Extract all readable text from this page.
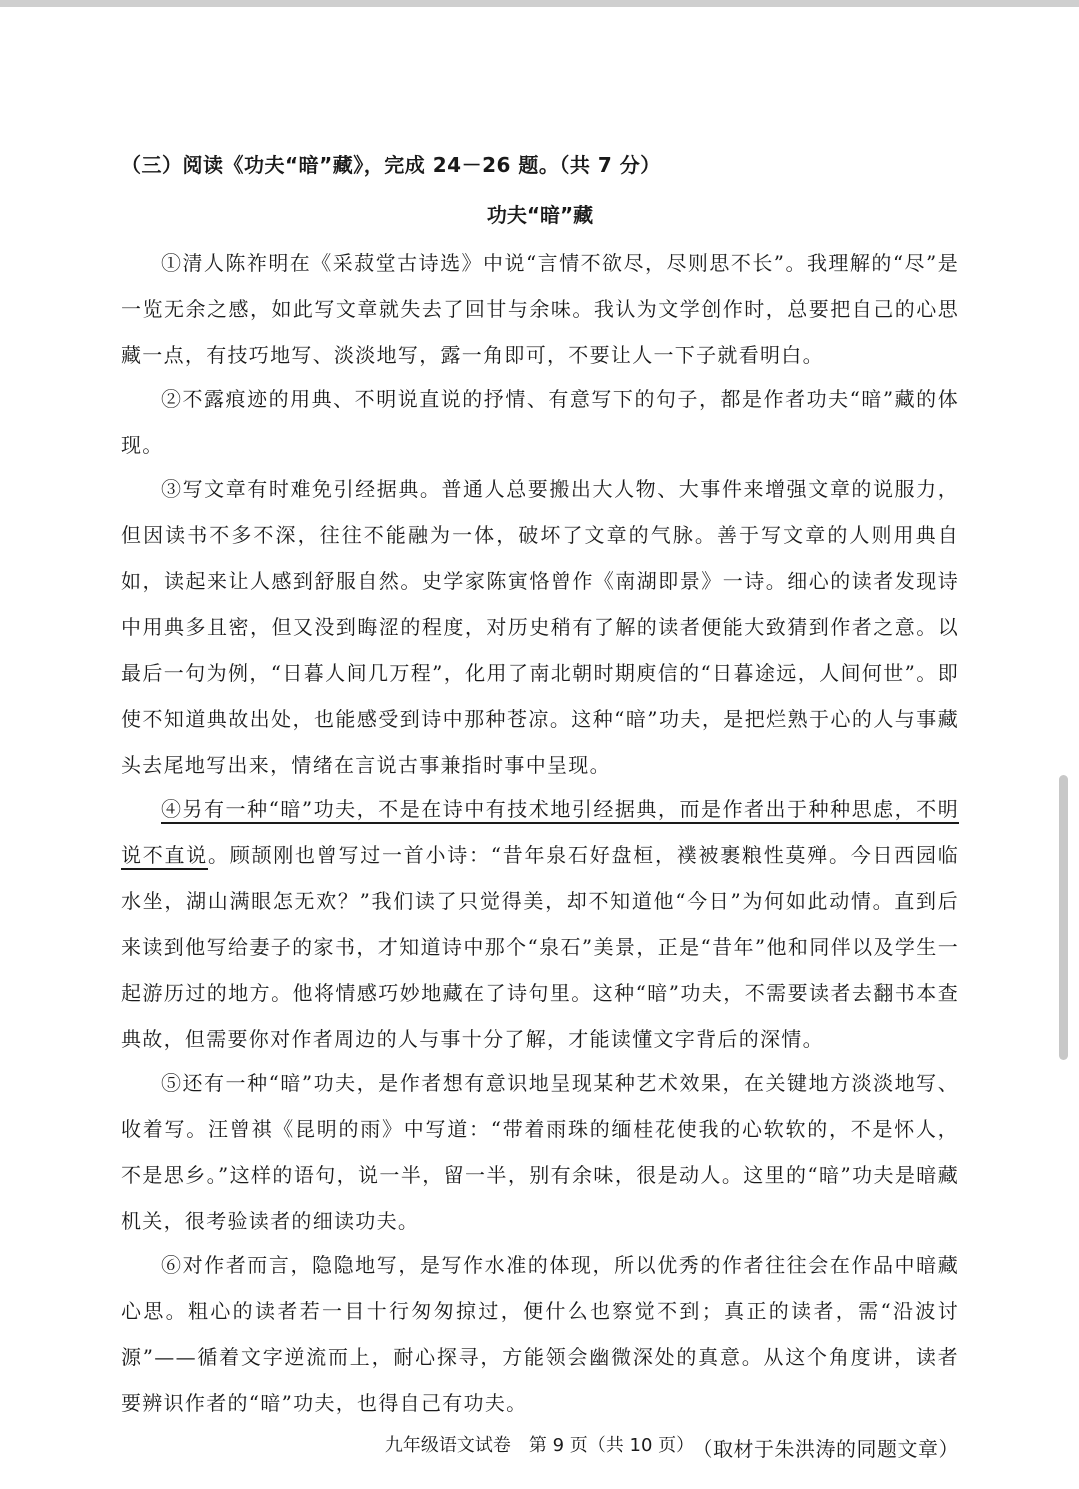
（三）阅读《功夫“暗”藏》，完成 24－26 题。（共 7 分）

功夫“暗”藏

①清人陈祚明在《采菽堂古诗选》中说“言情不欲尽，尽则思不长”。我理解的“尽”是一览无余之感，如此写文章就失去了回甘与余味。我认为文学创作时，总要把自己的心思藏一点，有技巧地写、淡淡地写，露一角即可，不要让人一下子就看明白。

②不露痕迹的用典、不明说直说的抒情、有意写下的句子，都是作者功夫“暗”藏的体现。

③写文章有时难免引经据典。普通人总要搬出大人物、大事件来增强文章的说服力，但因读书不多不深，往往不能融为一体，破坏了文章的气脉。善于写文章的人则用典自如，读起来让人感到舒服自然。史学家陈寅恪曾作《南湖即景》一诗。细心的读者发现诗中用典多且密，但又没到晦涩的程度，对历史稍有了解的读者便能大致猜到作者之意。以最后一句为例，“日暮人间几万程”，化用了南北朝时期庾信的“日暮途远，人间何世”。即使不知道典故出处，也能感受到诗中那种苍凉。这种“暗”功夫，是把烂熟于心的人与事藏头去尾地写出来，情绪在言说古事兼指时事中呈现。

④另有一种“暗”功夫，不是在诗中有技术地引经据典，而是作者出于种种思虑，不明说不直说。顾颉刚也曾写过一首小诗：“昔年泉石好盘桓，襆被裹粮性莫殚。今日西园临水坐，湖山满眼怎无欢？”我们读了只觉得美，却不知道他“今日”为何如此动情。直到后来读到他写给妻子的家书，才知道诗中那个“泉石”美景，正是“昔年”他和同伴以及学生一起游历过的地方。他将情感巧妙地藏在了诗句里。这种“暗”功夫，不需要读者去翻书本查典故，但需要你对作者周边的人与事十分了解，才能读懂文字背后的深情。

⑤还有一种“暗”功夫，是作者想有意识地呈现某种艺术效果，在关键地方淡淡地写、收着写。汪曾祺《昆明的雨》中写道：“带着雨珠的缅桂花使我的心软软的，不是怀人，不是思乡。”这样的语句，说一半，留一半，别有余味，很是动人。这里的“暗”功夫是暗藏机关，很考验读者的细读功夫。

⑥对作者而言，隐隐地写，是写作水准的体现，所以优秀的作者往往会在作品中暗藏心思。粗心的读者若一目十行匆匆掠过，便什么也察觉不到；真正的读者，需“沿波讨源”——循着文字逆流而上，耐心探寻，方能领会幽微深处的真意。从这个角度讲，读者要辨识作者的“暗”功夫，也得自己有功夫。

（取材于朱洪涛的同题文章）

九年级语文试卷　第 9 页（共 10 页）
